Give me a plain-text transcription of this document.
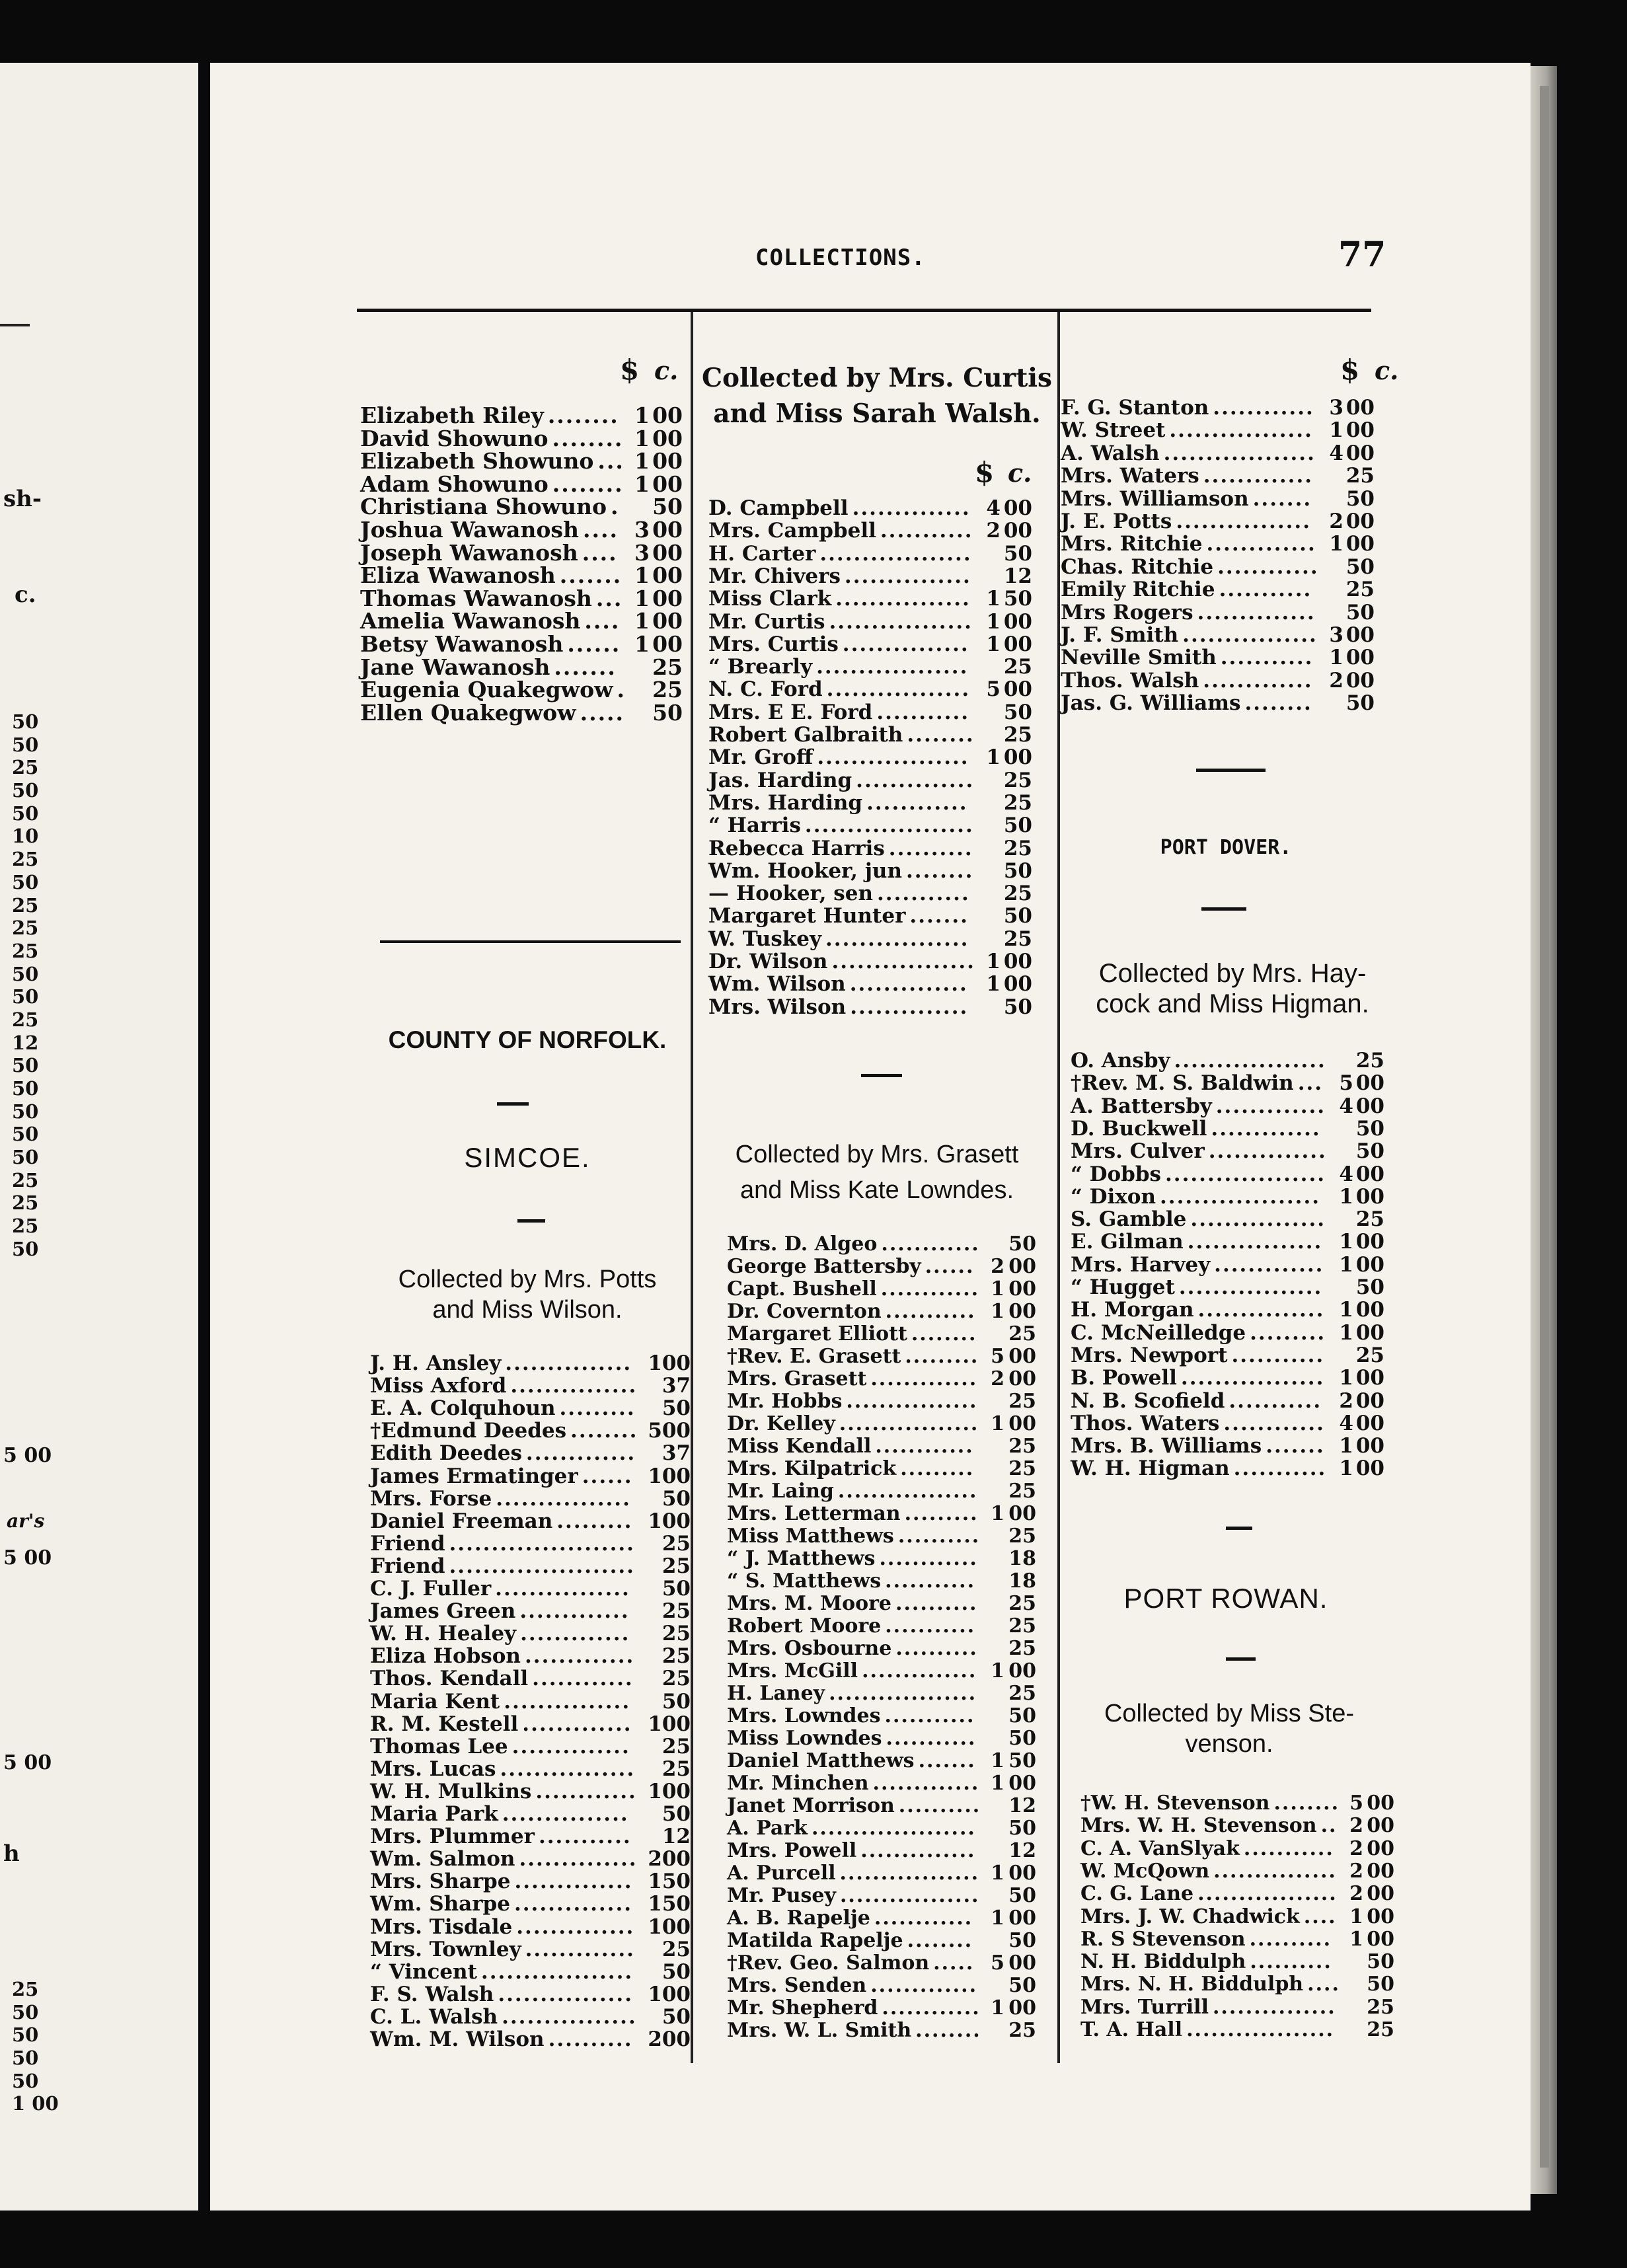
sh-
c.
50
50
25
50
50
10
25
50
25
25
25
50
50
25
12
50
50
50
50
50
25
25
25
50
5 00
ar's
5 00
5 00
h
25
50
50
50
50
1 00
COLLECTIONS.	77
$ c.
Elizabeth Riley ........ 1 00
David Showuno ........ 1 00
Elizabeth Showuno ... 1 00
Adam Showuno ........ 1 00
Christiana Showuno .	50
Joshua Wawanosh .... 3 00
Joseph Wawanosh .... 3 00
Eliza Wawanosh ....... 1 00
Thomas Wawanosh ... 1 00
Amelia Wawanosh .... 1 00
Betsy Wawanosh ...... 1 00
Jane Wawanosh .......	25
Eugenia Quakegwow . 25
Ellen Quakegwow ..... 50
COUNTY OF NORFOLK.
SIMCOE.
Collected by Mrs. Potts
and Miss Wilson.
J. H. Ansley ............... 1 00
Miss Axford ............... 37
E. A. Colquhoun ......... 50
†Edmund Deedes ........ 5 00
Edith Deedes ............. 37
James Ermatinger ...... 1 00
Mrs. Forse ................	50
Daniel Freeman ......... 1 00
Friend ...................... 25
Friend ...................... 25
C. J. Fuller ................	50
James Green .............	25
W. H. Healey .............	25
Eliza Hobson ............. 25
Thos. Kendall ............	25
Maria Kent ...............	50
R. M. Kestell ............. 1 00
Thomas Lee ..............	25
Mrs. Lucas ................ 25
W. H. Mulkins ............ 1 00
Maria Park ...............	50
Mrs. Plummer ...........	12
Wm. Salmon .............. 2 00
Mrs. Sharpe .............. 1 50
Wm. Sharpe .............. 1 50
Mrs. Tisdale .............. 1 00
Mrs. Townley ............. 25
“ Vincent ..................	50
F. S. Walsh ................ 1 00
C. L. Walsh ................ 50
Wm. M. Wilson .......... 2 00
Collected by Mrs. Curtis
and Miss Sarah Walsh.
$ c.
D. Campbell .............. 4 00
Mrs. Campbell ........... 2 00
H. Carter ..................	50
Mr. Chivers ...............	12
Miss Clark ................ 1 50
Mr. Curtis ................. 1 00
Mrs. Curtis ............... 1 00
“ Brearly ..................	25
N. C. Ford ................. 5 00
Mrs. E E. Ford ...........	50
Robert Galbraith ........ 25
Mr. Groff .................. 1 00
Jas. Harding .............. 25
Mrs. Harding ............	25
“ Harris .................... 50
Rebecca Harris .......... 25
Wm. Hooker, jun ........ 50
— Hooker, sen ...........	25
Margaret Hunter .......	50
W. Tuskey .................	25
Dr. Wilson ................. 1 00
Wm. Wilson .............. 1 00
Mrs. Wilson ..............	50
Collected by Mrs. Grasett
and Miss Kate Lowndes.
Mrs. D. Algeo ............ 50
George Battersby ...... 2 00
Capt. Bushell ............ 1 00
Dr. Covernton ........... 1 00
Margaret Elliott ........ 25
†Rev. E. Grasett ......... 5 00
Mrs. Grasett ............. 2 00
Mr. Hobbs ................ 25
Dr. Kelley ................. 1 00
Miss Kendall ............	25
Mrs. Kilpatrick .........	25
Mr. Laing ................. 25
Mrs. Letterman ......... 1 00
Miss Matthews .......... 25
“ J. Matthews ............ 18
“ S. Matthews ...........	18
Mrs. M. Moore .......... 25
Robert Moore ...........	25
Mrs. Osbourne .......... 25
Mrs. McGill .............. 1 00
H. Laney .................. 25
Mrs. Lowndes ...........	50
Miss Lowndes ........... 50
Daniel Matthews ....... 1 50
Mr. Minchen ............. 1 00
Janet Morrison .......... 12
A. Park ....................	50
Mrs. Powell ..............	12
A. Purcell ................. 1 00
Mr. Pusey ................. 50
A. B. Rapelje ............ 1 00
Matilda Rapelje ........	50
†Rev. Geo. Salmon ..... 5 00
Mrs. Senden ............. 50
Mr. Shepherd ............ 1 00
Mrs. W. L. Smith ........ 25
$ c.
F. G. Stanton ............ 3 00
W. Street ................. 1 00
A. Walsh .................. 4 00
Mrs. Waters .............	25
Mrs. Williamson .......	50
J. E. Potts ................ 2 00
Mrs. Ritchie ............. 1 00
Chas. Ritchie ............ 50
Emily Ritchie ...........	25
Mrs Rogers .............. 50
J. F. Smith ................ 3 00
Neville Smith ........... 1 00
Thos. Walsh ............. 2 00
Jas. G. Williams ........	50
PORT DOVER.
Collected by Mrs. Hay-
cock and Miss Higman.
O. Ansby .................. 25
†Rev. M. S. Baldwin ... 5 00
A. Battersby ............. 4 00
D. Buckwell .............	50
Mrs. Culver .............. 50
“ Dobbs ................... 4 00
“ Dixon ................... 1 00
S. Gamble ................ 25
E. Gilman ................ 1 00
Mrs. Harvey ............. 1 00
“ Hugget .................	50
H. Morgan ............... 1 00
C. McNeilledge ......... 1 00
Mrs. Newport ...........	25
B. Powell ................. 1 00
N. B. Scofield ........... 2 00
Thos. Waters ............ 4 00
Mrs. B. Williams ....... 1 00
W. H. Higman ........... 1 00
PORT ROWAN.
Collected by Miss Ste-
venson.
†W. H. Stevenson ........ 5 00
Mrs. W. H. Stevenson .. 2 00
C. A. VanSlyak ........... 2 00
W. McQown ............... 2 00
C. G. Lane ................. 2 00
Mrs. J. W. Chadwick .... 1 00
R. S Stevenson .......... 1 00
N. H. Biddulph ..........	50
Mrs. N. H. Biddulph .... 50
Mrs. Turrill ............... 25
T. A. Hall ..................	25
